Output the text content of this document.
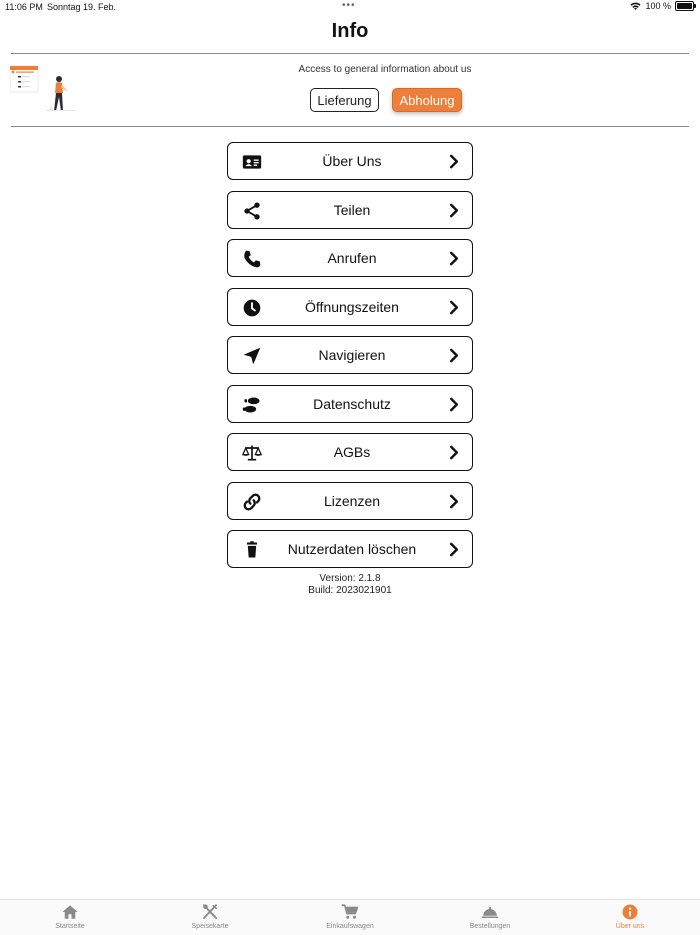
11:06 PM Sonntag 19. Feb.	•••	100 %
Info
Access to general information about us
Lieferung	Abholung
Über Uns
Teilen
Anrufen
Öffnungszeiten
Navigieren
Datenschutz
AGBs
Lizenzen
Nutzerdaten löschen
Version: 2.1.8
Build: 2023021901
Startseite	Speisekarte	Einkaufswagen	Bestellungen	Über uns
